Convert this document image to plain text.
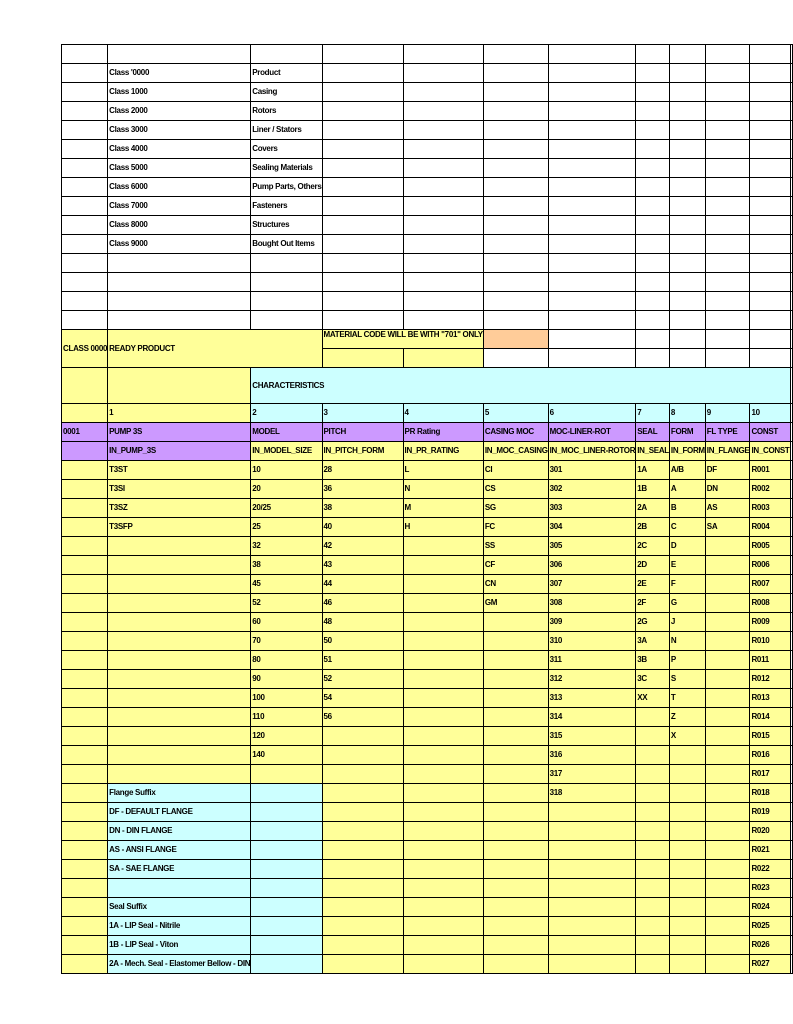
	Class '0000	Product									
	Class 1000	Casing									
	Class 2000	Rotors									
	Class 3000	Liner / Stators									
	Class 4000	Covers									
	Class 5000	Sealing Materials									
	Class 6000	Pump Parts, Others									
	Class 7000	Fasteners									
	Class 8000	Structures									
	Class 9000	Bought Out Items									

CLASS 0000	READY PRODUCT		MATERIAL CODE WILL BE WITH "701" ONLY								

		CHARACTERISTICS									
	1	2	3	4	5	6	7	8	9	10	
0001	PUMP 3S	MODEL	PITCH	PR Rating	CASING MOC	MOC-LINER-ROT	SEAL	FORM	FL TYPE	CONST	
	IN_PUMP_3S	IN_MODEL_SIZE	IN_PITCH_FORM	IN_PR_RATING	IN_MOC_CASING	IN_MOC_LINER-ROTOR	IN_SEAL	IN_FORM	IN_FLANGE	IN_CONST	
	T3ST	10	28	L	CI	301	1A	A/B	DF	R001	
	T3SI	20	36	N	CS	302	1B	A	DN	R002	
	T3SZ	20/25	38	M	SG	303	2A	B	AS	R003	
	T3SFP	25	40	H	FC	304	2B	C	SA	R004	
		32	42		SS	305	2C	D		R005	
		38	43		CF	306	2D	E		R006	
		45	44		CN	307	2E	F		R007	
		52	46		GM	308	2F	G		R008	
		60	48			309	2G	J		R009	
		70	50			310	3A	N		R010	
		80	51			311	3B	P		R011	
		90	52			312	3C	S		R012	
		100	54			313	XX	T		R013	
		110	56			314		Z		R014	
		120				315		X		R015	
		140				316				R016	
						317				R017	
	Flange Suffix					318				R018	
	DF - DEFAULT FLANGE									R019	
	DN - DIN FLANGE									R020	
	AS - ANSI FLANGE									R021	
	SA - SAE FLANGE									R022	
										R023	
	Seal Suffix									R024	
	1A - LIP Seal - Nitrile									R025	
	1B - LIP Seal - Viton									R026	
	2A - Mech. Seal - Elastomer Bellow - DIN									R027	
